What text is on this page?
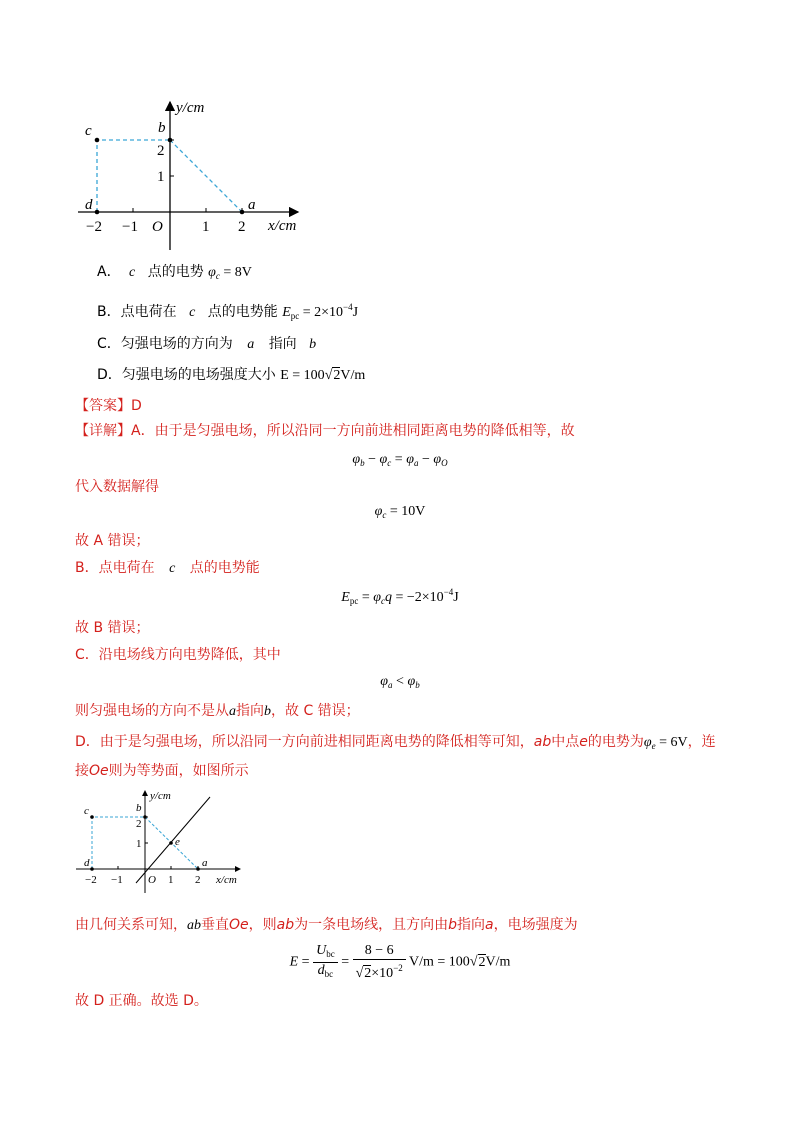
y/cm
x/cm
O
−2 −1	1 2
1
2
c
d
b
a
A． c 点的电势 $\varphi_c = 8V$
B．点电荷在 c 点的电势能 $E_{pc} = 2\times 10^{-4}J$
C．匀强电场的方向为 a 指向 b
D．匀强电场的电场强度大小 E = 100√2V/m
【答案】D
【详解】A．由于是匀强电场，所以沿同一方向前进相同距离电势的降低相等，故
$\varphi_b - \varphi_c = \varphi_a - \varphi_O$
代入数据解得
$\varphi_c = 10V$
故 A 错误；
B．点电荷在 c 点的电势能
$E_{pc} = \varphi_cq = -2\times 10^{-4}J$
故 B 错误；
C．沿电场线方向电势降低，其中
$\varphi_a < \varphi_b$
则匀强电场的方向不是从a指向b，故 C 错误；
D．由于是匀强电场，所以沿同一方向前进相同距离电势的降低相等可知，ab中点e的电势为$\varphi_e = 6V$，连
接Oe则为等势面，如图所示
y/cm
x/cm
O
−2 −1	1 2
1
2
c
d
b
a
e
由几何关系可知，ab垂直Oe，则ab为一条电场线，且方向由b指向a，电场强度为
$E = \frac{U_{bc}}{d_{bc}} = \frac{8 - 6}{√2\times 10^{-2}} V/m = 100√2V/m$
故 D 正确。故选 D。
